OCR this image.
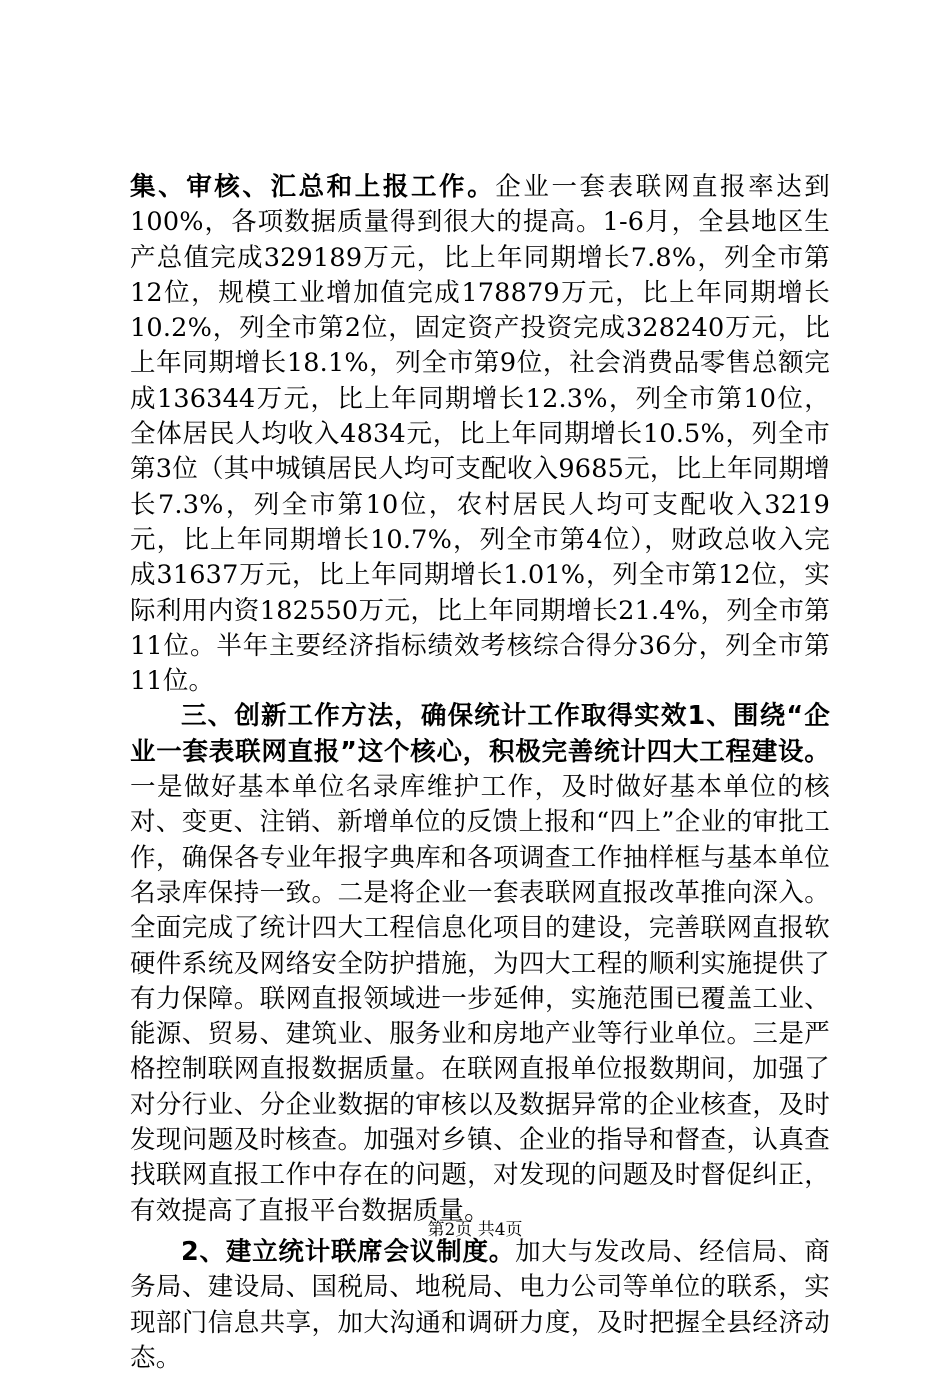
集、审核、汇总和上报工作。企业一套表联网直报率达到100%，各项数据质量得到很大的提高。1-6月，全县地区生产总值完成329189万元，比上年同期增长7.8%，列全市第12位，规模工业增加值完成178879万元，比上年同期增长10.2%，列全市第2位，固定资产投资完成328240万元，比上年同期增长18.1%，列全市第9位，社会消费品零售总额完成136344万元，比上年同期增长12.3%，列全市第10位，全体居民人均收入4834元，比上年同期增长10.5%，列全市第3位（其中城镇居民人均可支配收入9685元，比上年同期增长7.3%，列全市第10位，农村居民人均可支配收入3219元，比上年同期增长10.7%，列全市第4位），财政总收入完成31637万元，比上年同期增长1.01%，列全市第12位，实际利用内资182550万元，比上年同期增长21.4%，列全市第11位。半年主要经济指标绩效考核综合得分36分，列全市第11位。

三、创新工作方法，确保统计工作取得实效1、围绕“企业一套表联网直报”这个核心，积极完善统计四大工程建设。一是做好基本单位名录库维护工作，及时做好基本单位的核对、变更、注销、新增单位的反馈上报和“四上”企业的审批工作，确保各专业年报字典库和各项调查工作抽样框与基本单位名录库保持一致。二是将企业一套表联网直报改革推向深入。全面完成了统计四大工程信息化项目的建设，完善联网直报软硬件系统及网络安全防护措施，为四大工程的顺利实施提供了有力保障。联网直报领域进一步延伸，实施范围已覆盖工业、能源、贸易、建筑业、服务业和房地产业等行业单位。三是严格控制联网直报数据质量。在联网直报单位报数期间，加强了对分行业、分企业数据的审核以及数据异常的企业核查，及时发现问题及时核查。加强对乡镇、企业的指导和督查，认真查找联网直报工作中存在的问题，对发现的问题及时督促纠正，有效提高了直报平台数据质量。

2、建立统计联席会议制度。加大与发改局、经信局、商务局、建设局、国税局、地税局、电力公司等单位的联系，实现部门信息共享，加大沟通和调研力度，及时把握全县经济动态。

第2页 共4页
